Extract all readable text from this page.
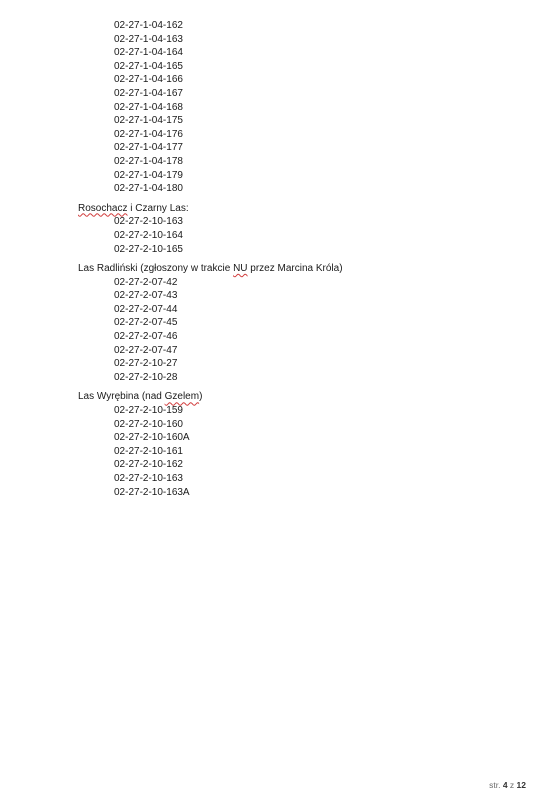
02-27-1-04-162
02-27-1-04-163
02-27-1-04-164
02-27-1-04-165
02-27-1-04-166
02-27-1-04-167
02-27-1-04-168
02-27-1-04-175
02-27-1-04-176
02-27-1-04-177
02-27-1-04-178
02-27-1-04-179
02-27-1-04-180
Rosochacz i Czarny Las:
02-27-2-10-163
02-27-2-10-164
02-27-2-10-165
Las Radliński (zgłoszony w trakcie NU przez Marcina Króla)
02-27-2-07-42
02-27-2-07-43
02-27-2-07-44
02-27-2-07-45
02-27-2-07-46
02-27-2-07-47
02-27-2-10-27
02-27-2-10-28
Las Wyrębina (nad Gzelem)
02-27-2-10-159
02-27-2-10-160
02-27-2-10-160A
02-27-2-10-161
02-27-2-10-162
02-27-2-10-163
02-27-2-10-163A
str. 4 z 12
